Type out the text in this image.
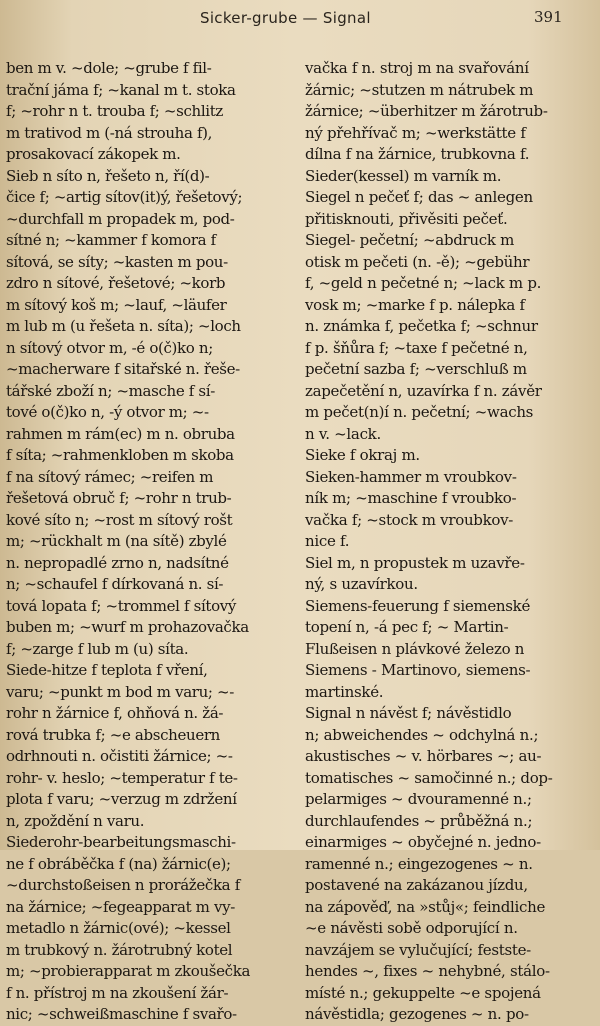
Sicker-grube — Signal	391
ben m v. ~dole; ~grube f fil-
trační jáma f; ~kanal m t. stoka
f; ~rohr n t. trouba f; ~schlitz
m trativod m (-ná strouha f),
prosakovací zákopek m.
Sieb n síto n, řešeto n, ří(d)-
čice f; ~artig sítov(it)ý, řešetový;
~durchfall m propadek m, pod-
sítné n; ~kammer f komora f
sítová, se síty; ~kasten m pou-
zdro n sítové, řešetové; ~korb
m sítový koš m; ~lauf, ~läufer
m lub m (u řešeta n. síta); ~loch
n sítový otvor m, -é o(č)ko n;
~macherware f sitařské n. řeše-
tářské zboží n; ~masche f sí-
tové o(č)ko n, -ý otvor m; ~-
rahmen m rám(ec) m n. obruba
f síta; ~rahmenkloben m skoba
f na sítový rámec; ~reifen m
řešetová obruč f; ~rohr n trub-
kové síto n; ~rost m sítový rošt
m; ~rückhalt m (na sítě) zbylé
n. nepropadlé zrno n, nadsítné
n; ~schaufel f dírkovaná n. sí-
tová lopata f; ~trommel f sítový
buben m; ~wurf m prohazovačka
f; ~zarge f lub m (u) síta.
Siede-hitze f teplota f vření,
varu; ~punkt m bod m varu; ~-
rohr n žárnice f, ohňová n. žá-
rová trubka f; ~e abscheuern
odrhnouti n. očistiti žárnice; ~-
rohr- v. heslo; ~temperatur f te-
plota f varu; ~verzug m zdržení
n, zpoždění n varu.
Siederohr-bearbeitungsmaschi-
ne f obráběčka f (na) žárnic(e);
~durchstoßeisen n prorážečka f
na žárnice; ~fegeapparat m vy-
metadlo n žárnic(ové); ~kessel
m trubkový n. žárotrubný kotel
m; ~probierapparat m zkoušečka
f n. přístroj m na zkoušení žár-
nic; ~schweißmaschine f svařo-
vačka f n. stroj m na svařování
žárnic; ~stutzen m nátrubek m
žárnice; ~überhitzer m žárotrub-
ný přehřívač m; ~werkstätte f
dílna f na žárnice, trubkovna f.
Sieder(kessel) m varník m.
Siegel n pečeť f; das ~ anlegen
přitisknouti, přivěsiti pečeť.
Siegel- pečetní; ~abdruck m
otisk m pečeti (n. -ě); ~gebühr
f, ~geld n pečetné n; ~lack m p.
vosk m; ~marke f p. nálepka f
n. známka f, pečetka f; ~schnur
f p. šňůra f; ~taxe f pečetné n,
pečetní sazba f; ~verschluß m
zapečetění n, uzavírka f n. závěr
m pečet(n)í n. pečetní; ~wachs
n v. ~lack.
Sieke f okraj m.
Sieken-hammer m vroubkov-
ník m; ~maschine f vroubko-
vačka f; ~stock m vroubkov-
nice f.
Siel m, n propustek m uzavře-
ný, s uzavírkou.
Siemens-feuerung f siemenské
topení n, -á pec f; ~ Martin-
Flußeisen n plávkové železo n
Siemens - Martinovo, siemens-
martinské.
Signal n návěst f; návěstidlo
n; abweichendes ~ odchylná n.;
akustisches ~ v. hörbares ~; au-
tomatisches ~ samočinné n.; dop-
pelarmiges ~ dvouramenné n.;
durchlaufendes ~ průběžná n.;
einarmiges ~ obyčejné n. jedno-
ramenné n.; eingezogenes ~ n.
postavené na zakázanou jízdu,
na zápověď, na »stůj«; feindliche
~e návěsti sobě odporující n.
navzájem se vylučující; festste-
hendes ~, fixes ~ nehybné, stálo-
místé n.; gekuppelte ~e spojená
návěstidla; gezogenes ~ n. po-
